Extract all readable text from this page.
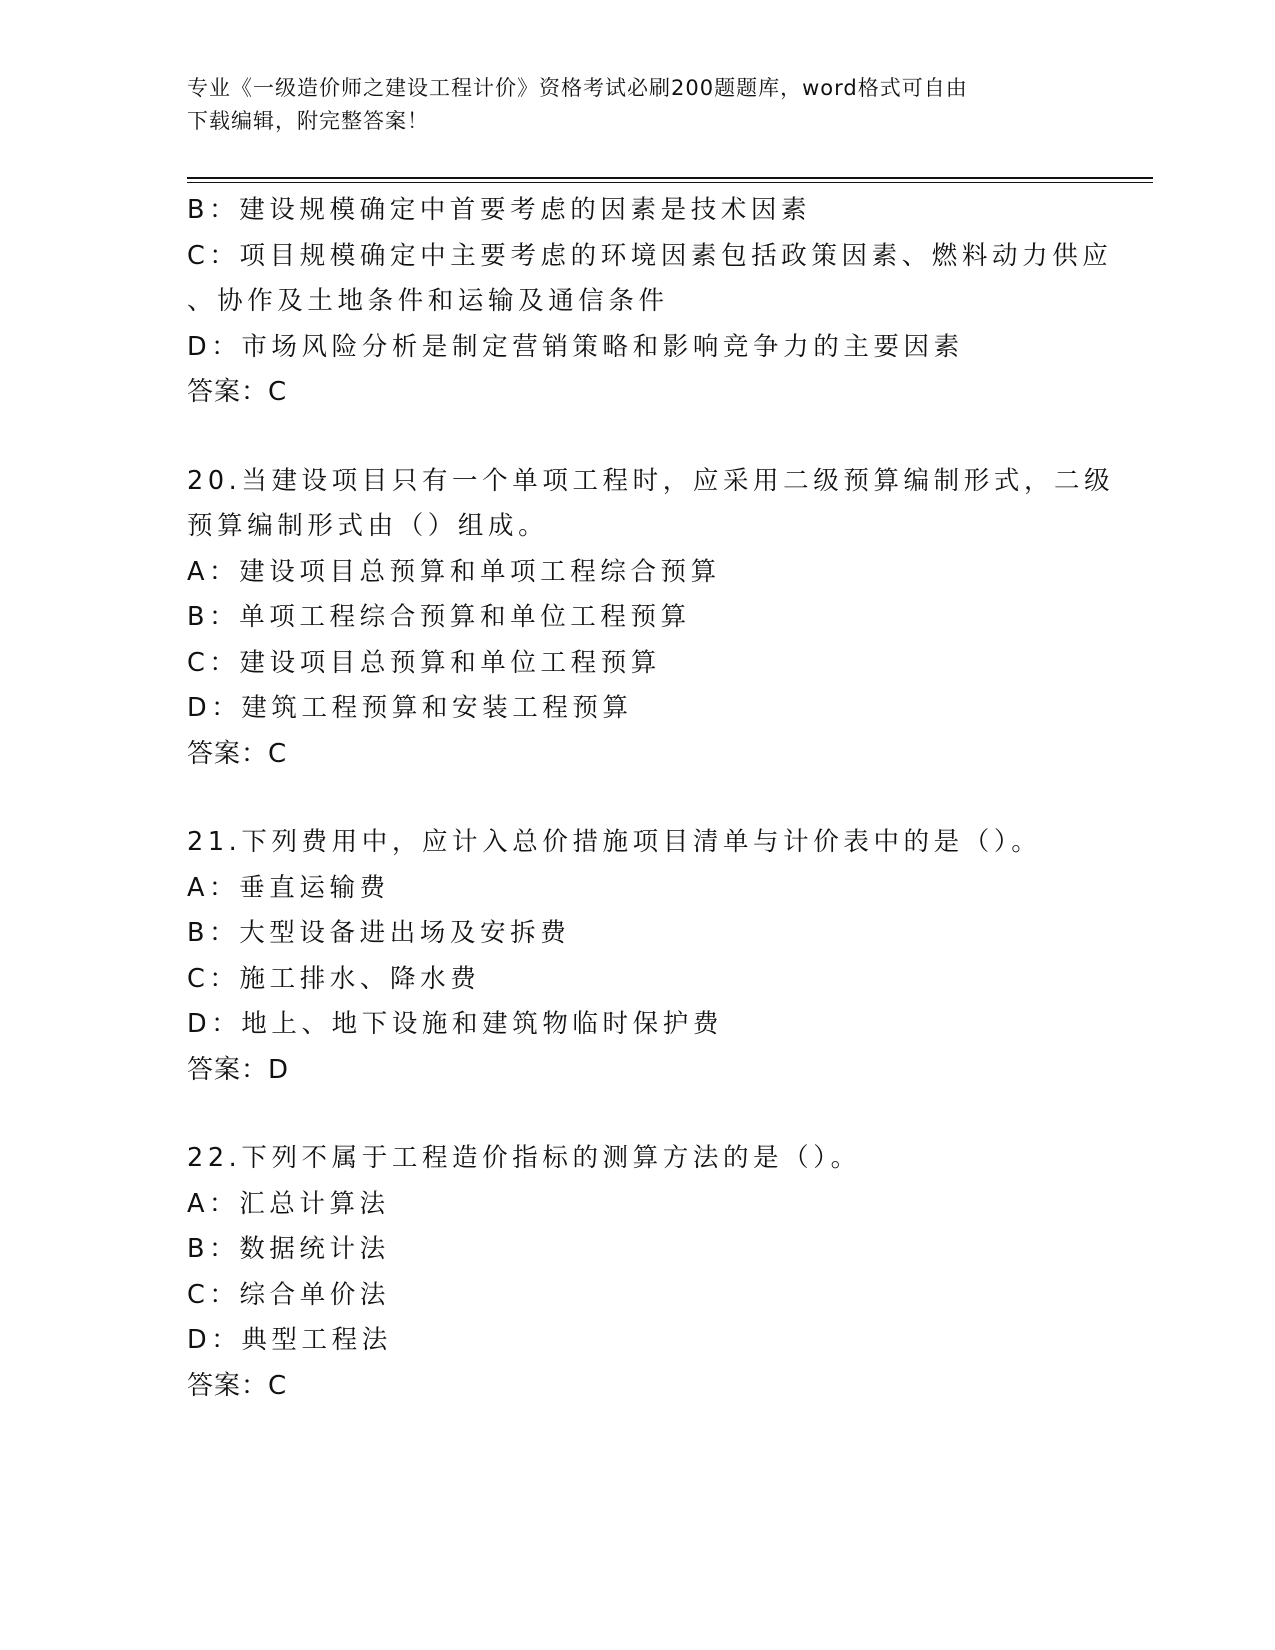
专业《一级造价师之建设工程计价》资格考试必刷200题题库，word格式可自由
下载编辑，附完整答案！
B：建设规模确定中首要考虑的因素是技术因素
C：项目规模确定中主要考虑的环境因素包括政策因素、燃料动力供应
、协作及土地条件和运输及通信条件
D：市场风险分析是制定营销策略和影响竞争力的主要因素
答案：C
20.当建设项目只有一个单项工程时，应采用二级预算编制形式，二级
预算编制形式由（）组成。
A：建设项目总预算和单项工程综合预算
B：单项工程综合预算和单位工程预算
C：建设项目总预算和单位工程预算
D：建筑工程预算和安装工程预算
答案：C
21.下列费用中，应计入总价措施项目清单与计价表中的是（）。
A：垂直运输费
B：大型设备进出场及安拆费
C：施工排水、降水费
D：地上、地下设施和建筑物临时保护费
答案：D
22.下列不属于工程造价指标的测算方法的是（）。
A：汇总计算法
B：数据统计法
C：综合单价法
D：典型工程法
答案：C
